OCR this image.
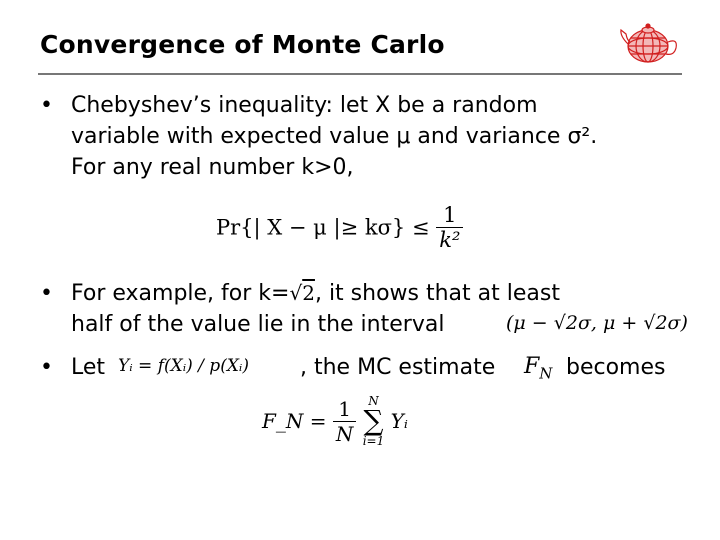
Convergence of Monte Carlo
• Chebyshev’s inequality: let X be a random
variable with expected value μ and variance σ².
For any real number k>0,
Pr{| X − μ |≥ $k\sigma\} \le \frac{1}{\text{k²}}$
• For example, for k=√2, it shows that at least
half of the value lie in the interval	(μ − √2σ, μ + √2σ)
• Let Yᵢ = f(Xᵢ) / p(Xᵢ) , the MC estimate $F_N$ becomes
F_N = $\frac{1}{N}$
N
∑
i=1
Yᵢ
